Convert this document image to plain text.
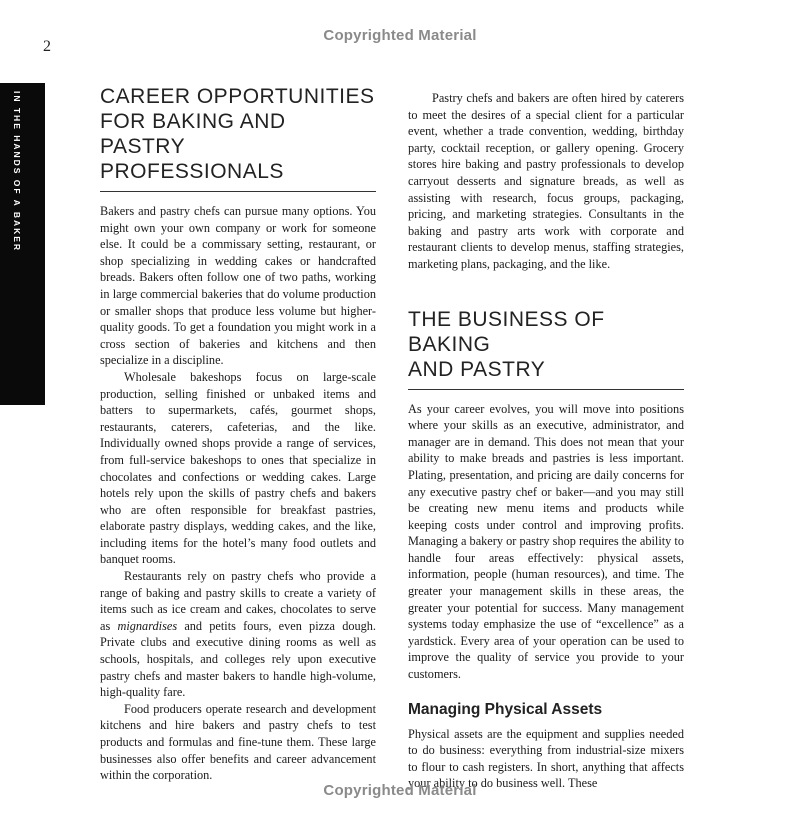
Copyrighted Material
2
IN THE HANDS OF A BAKER	CAREER OPPORTUNITIES
FOR BAKING AND PASTRY
PROFESSIONALS

Bakers and pastry chefs can pursue many options. You might own your own company or work for someone else. It could be a commissary setting, restaurant, or shop specializing in wedding cakes or handcrafted breads. Bakers often follow one of two paths, working in large commercial bakeries that do volume production or smaller shops that produce less volume but higher-quality goods. To get a foundation you might work in a cross section of bakeries and kitchens and then specialize in a discipline.

Wholesale bakeshops focus on large-scale production, selling finished or unbaked items and batters to supermarkets, cafés, gourmet shops, restaurants, caterers, cafeterias, and the like. Individually owned shops provide a range of services, from full-service bakeshops to ones that specialize in chocolates and confections or wedding cakes. Large hotels rely upon the skills of pastry chefs and bakers who are often responsible for breakfast pastries, elaborate pastry displays, wedding cakes, and the like, including items for the hotel’s many food outlets and banquet rooms.

Restaurants rely on pastry chefs who provide a range of baking and pastry skills to create a variety of items such as ice cream and cakes, chocolates to serve as mignardises and petits fours, even pizza dough. Private clubs and executive dining rooms as well as schools, hospitals, and colleges rely upon executive pastry chefs and master bakers to handle high-volume, high-quality fare.

Food producers operate research and development kitchens and hire bakers and pastry chefs to test products and formulas and fine-tune them. These large businesses also offer benefits and career advancement within the corporation.

Pastry chefs and bakers are often hired by caterers to meet the desires of a special client for a particular event, whether a trade convention, wedding, birthday party, cocktail reception, or gallery opening. Grocery stores hire baking and pastry professionals to develop carryout desserts and signature breads, as well as assisting with research, focus groups, packaging, pricing, and marketing strategies. Consultants in the baking and pastry arts work with corporate and restaurant clients to develop menus, staffing strategies, marketing plans, packaging, and the like.

THE BUSINESS OF BAKING
AND PASTRY

As your career evolves, you will move into positions where your skills as an executive, administrator, and manager are in demand. This does not mean that your ability to make breads and pastries is less important. Plating, presentation, and pricing are daily concerns for any executive pastry chef or baker—and you may still be creating new menu items and products while keeping costs under control and improving profits. Managing a bakery or pastry shop requires the ability to handle four areas effectively: physical assets, information, people (human resources), and time. The greater your management skills in these areas, the greater your potential for success. Many management systems today emphasize the use of “excellence” as a yardstick. Every area of your operation can be used to improve the quality of service you provide to your customers.

Managing Physical Assets

Physical assets are the equipment and supplies needed to do business: everything from industrial-size mixers to flour to cash registers. In short, anything that affects your ability to do business well. These

Copyrighted Material
